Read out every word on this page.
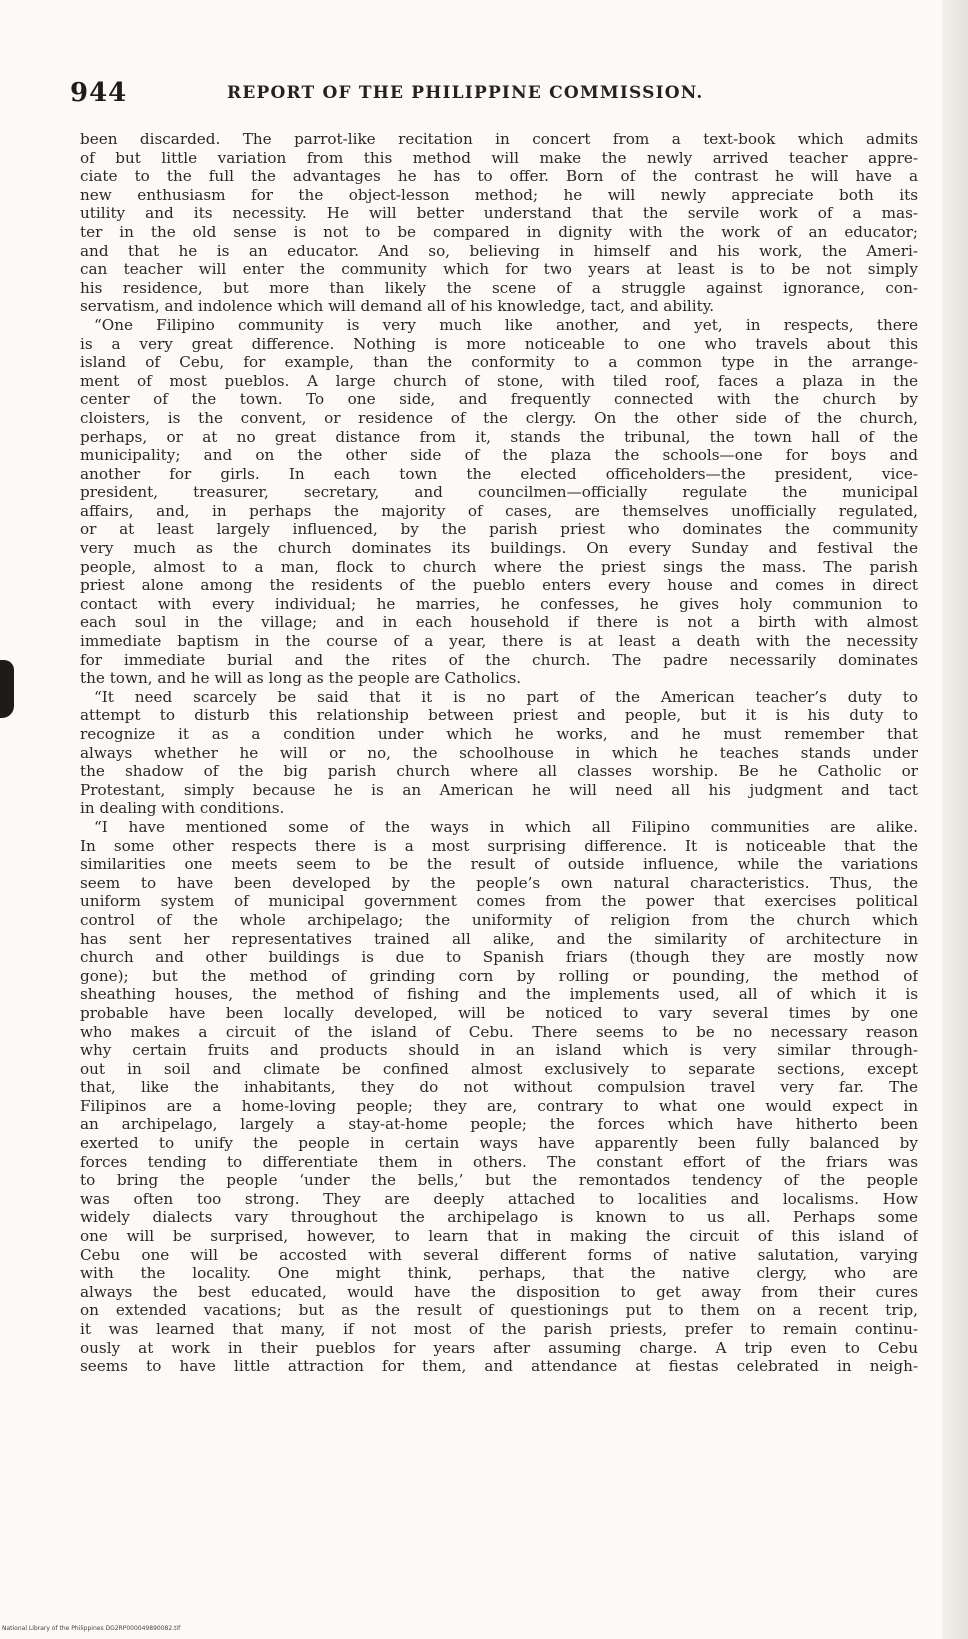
944	REPORT OF THE PHILIPPINE COMMISSION.
been discarded. The parrot-like recitation in concert from a text-book which admits
of but little variation from this method will make the newly arrived teacher appre-
ciate to the full the advantages he has to offer. Born of the contrast he will have a
new enthusiasm for the object-lesson method; he will newly appreciate both its
utility and its necessity. He will better understand that the servile work of a mas-
ter in the old sense is not to be compared in dignity with the work of an educator;
and that he is an educator. And so, believing in himself and his work, the Ameri-
can teacher will enter the community which for two years at least is to be not simply
his residence, but more than likely the scene of a struggle against ignorance, con-
servatism, and indolence which will demand all of his knowledge, tact, and ability.
“One Filipino community is very much like another, and yet, in respects, there
is a very great difference. Nothing is more noticeable to one who travels about this
island of Cebu, for example, than the conformity to a common type in the arrange-
ment of most pueblos. A large church of stone, with tiled roof, faces a plaza in the
center of the town. To one side, and frequently connected with the church by
cloisters, is the convent, or residence of the clergy. On the other side of the church,
perhaps, or at no great distance from it, stands the tribunal, the town hall of the
municipality; and on the other side of the plaza the schools—one for boys and
another for girls. In each town the elected officeholders—the president, vice-
president, treasurer, secretary, and councilmen—officially regulate the municipal
affairs, and, in perhaps the majority of cases, are themselves unofficially regulated,
or at least largely influenced, by the parish priest who dominates the community
very much as the church dominates its buildings. On every Sunday and festival the
people, almost to a man, flock to church where the priest sings the mass. The parish
priest alone among the residents of the pueblo enters every house and comes in direct
contact with every individual; he marries, he confesses, he gives holy communion to
each soul in the village; and in each household if there is not a birth with almost
immediate baptism in the course of a year, there is at least a death with the necessity
for immediate burial and the rites of the church. The padre necessarily dominates
the town, and he will as long as the people are Catholics.
“It need scarcely be said that it is no part of the American teacher’s duty to
attempt to disturb this relationship between priest and people, but it is his duty to
recognize it as a condition under which he works, and he must remember that
always whether he will or no, the schoolhouse in which he teaches stands under
the shadow of the big parish church where all classes worship. Be he Catholic or
Protestant, simply because he is an American he will need all his judgment and tact
in dealing with conditions.
“I have mentioned some of the ways in which all Filipino communities are alike.
In some other respects there is a most surprising difference. It is noticeable that the
similarities one meets seem to be the result of outside influence, while the variations
seem to have been developed by the people’s own natural characteristics. Thus, the
uniform system of municipal government comes from the power that exercises political
control of the whole archipelago; the uniformity of religion from the church which
has sent her representatives trained all alike, and the similarity of architecture in
church and other buildings is due to Spanish friars (though they are mostly now
gone); but the method of grinding corn by rolling or pounding, the method of
sheathing houses, the method of fishing and the implements used, all of which it is
probable have been locally developed, will be noticed to vary several times by one
who makes a circuit of the island of Cebu. There seems to be no necessary reason
why certain fruits and products should in an island which is very similar through-
out in soil and climate be confined almost exclusively to separate sections, except
that, like the inhabitants, they do not without compulsion travel very far. The
Filipinos are a home-loving people; they are, contrary to what one would expect in
an archipelago, largely a stay-at-home people; the forces which have hitherto been
exerted to unify the people in certain ways have apparently been fully balanced by
forces tending to differentiate them in others. The constant effort of the friars was
to bring the people ‘under the bells,’ but the remontados tendency of the people
was often too strong. They are deeply attached to localities and localisms. How
widely dialects vary throughout the archipelago is known to us all. Perhaps some
one will be surprised, however, to learn that in making the circuit of this island of
Cebu one will be accosted with several different forms of native salutation, varying
with the locality. One might think, perhaps, that the native clergy, who are
always the best educated, would have the disposition to get away from their cures
on extended vacations; but as the result of questionings put to them on a recent trip,
it was learned that many, if not most of the parish priests, prefer to remain continu-
ously at work in their pueblos for years after assuming charge. A trip even to Cebu
seems to have little attraction for them, and attendance at fiestas celebrated in neigh-
National Library of the Philippines DG2RP000049890082.tif
